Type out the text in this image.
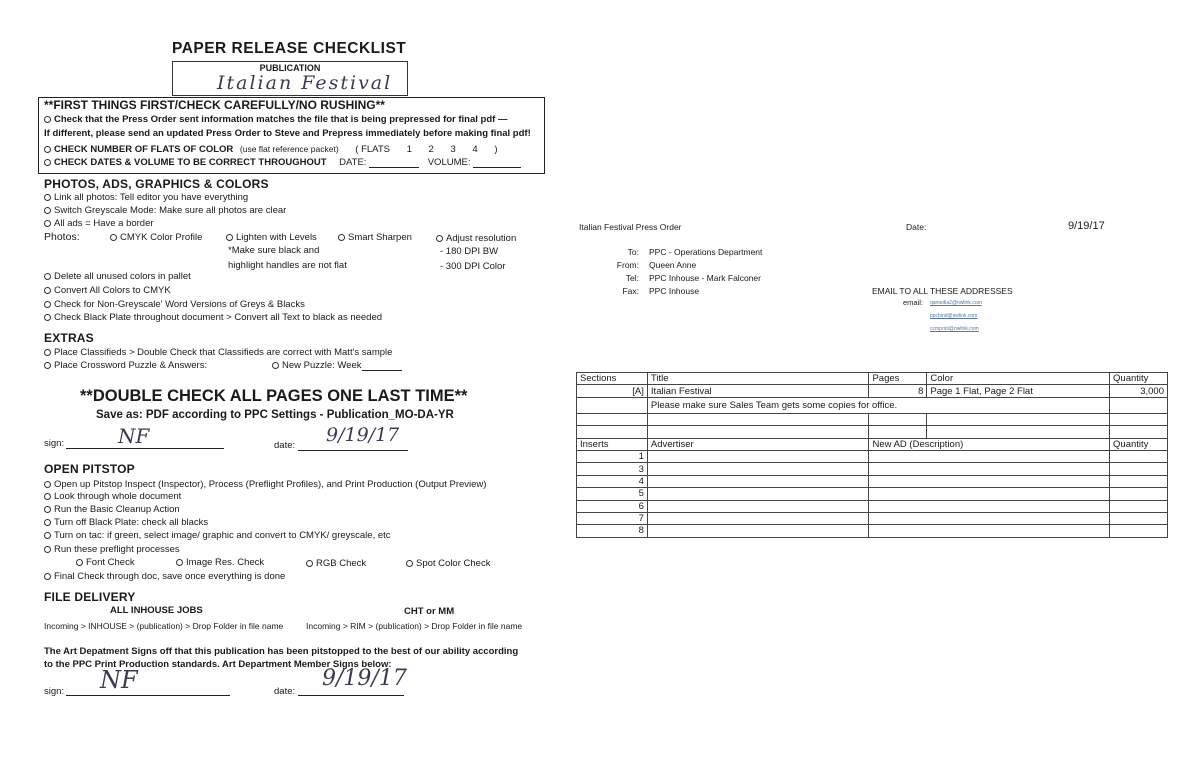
PAPER RELEASE CHECKLIST
PUBLICATION
Italian Festival
**FIRST THINGS FIRST/CHECK CAREFULLY/NO RUSHING**
Check that the Press Order sent information matches the file that is being prepressed for final pdf —
If different, please send an updated Press Order to Steve and Prepress immediately before making final pdf!
CHECK NUMBER OF FLATS OF COLOR (use flat reference packet) ( FLATS 1 2 3 4 )
CHECK DATES & VOLUME TO BE CORRECT THROUGHOUT DATE:	VOLUME:
PHOTOS, ADS, GRAPHICS & COLORS
Link all photos: Tell editor you have everything
Switch Greyscale Mode: Make sure all photos are clear
All ads = Have a border
Photos:	CMYK Color Profile	Lighten with Levels
*Make sure black and
highlight handles are not flat
Smart Sharpen	Adjust resolution
- 180 DPI BW
- 300 DPI Color
Delete all unused colors in pallet
Convert All Colors to CMYK
Check for Non-Greyscale' Word Versions of Greys & Blacks
Check Black Plate throughout document > Convert all Text to black as needed
EXTRAS
Place Classifieds > Double Check that Classifieds are correct with Matt's sample
Place Crossword Puzzle & Answers:	New Puzzle: Week
**DOUBLE CHECK ALL PAGES ONE LAST TIME**
Save as: PDF according to PPC Settings - Publication_MO-DA-YR
sign:	NF	date: 9/19/17
OPEN PITSTOP
Open up Pitstop Inspect (Inspector), Process (Preflight Profiles), and Print Production (Output Preview)
Look through whole document
Run the Basic Cleanup Action
Turn off Black Plate: check all blacks
Turn on tac: if green, select image/ graphic and convert to CMYK/ greyscale, etc
Run these preflight processes
Font Check	Image Res. Check	RGB Check	Spot Color Check
Final Check through doc, save once everything is done
FILE DELIVERY
ALL INHOUSE JOBS	CHT or MM
Incoming > INHOUSE > (publication) > Drop Folder in file name	Incoming > RIM > (publication) > Drop Folder in file name
The Art Depatment Signs off that this publication has been pitstopped to the best of our ability according
to the PPC Print Production standards. Art Department Member Signs below:
sign: NF	date:
9/19/17
Italian Festival Press Order	Date:	9/19/17
To: PPC - Operations Department
From: Queen Anne
Tel: PPC Inhouse - Mark Falconer
Fax: PPC Inhouse	EMAIL TO ALL THESE ADDRESSES
email: qamedia2@nwlink.com
ppcbind@nwlink.com
ccmprint@nwlink.com
Sections	Title	Pages	Color	Quantity
[A]	Italian Festival	8	Page 1 Flat, Page 2 Flat	3,000
	Please make sure Sales Team gets some copies for office.			

Inserts	Advertiser	New AD (Description)		Quantity
1				
3				
4				
5				
6				
7				
8				
